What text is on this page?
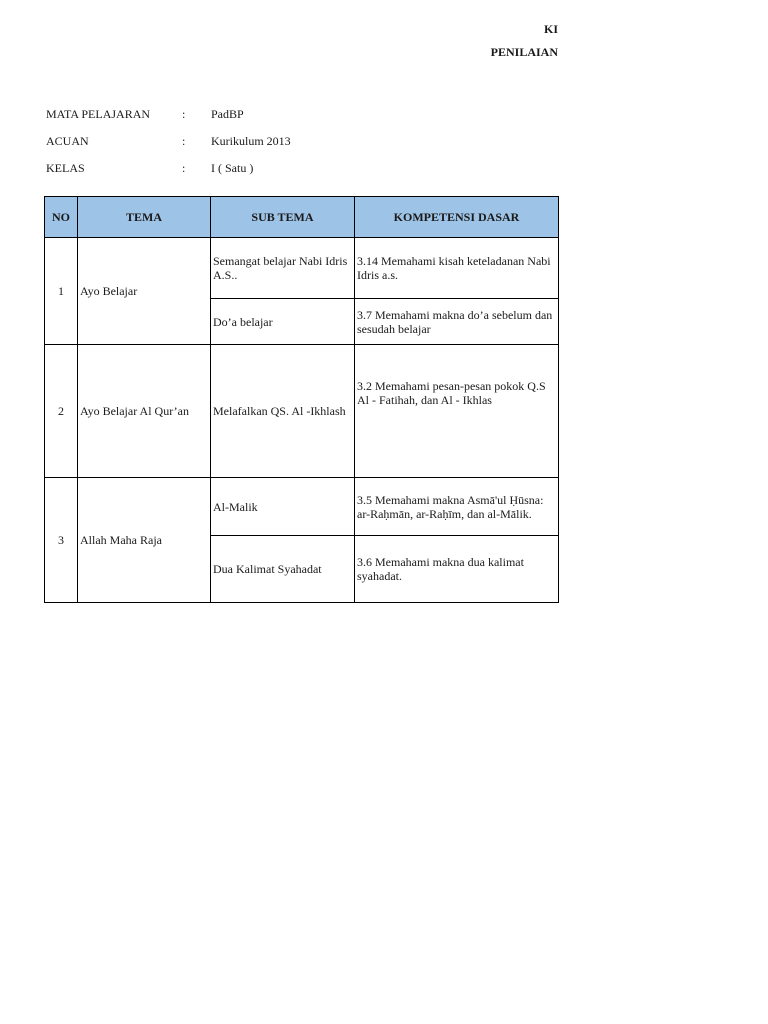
KI
PENILAIAN
MATA PELAJARAN	: PadBP
ACUAN	: Kurikulum 2013
KELAS	: I ( Satu )
NO	TEMA	SUB TEMA	KOMPETENSI DASAR
1	Ayo Belajar	Semangat belajar Nabi Idris A.S..	3.14 Memahami kisah keteladanan Nabi Idris a.s.
		Do’a belajar	3.7 Memahami makna do’a sebelum dan sesudah belajar
2	Ayo Belajar Al Qur’an	Melafalkan QS. Al -Ikhlash	3.2 Memahami pesan-pesan pokok Q.S Al - Fatihah, dan Al - Ikhlas
3	Allah Maha Raja	Al-Malik	3.5 Memahami makna Asmā'ul Ḥūsna: ar-Raḥmān, ar-Raḥīm, dan al-Mālik.
		Dua Kalimat Syahadat	3.6 Memahami makna dua kalimat syahadat.
